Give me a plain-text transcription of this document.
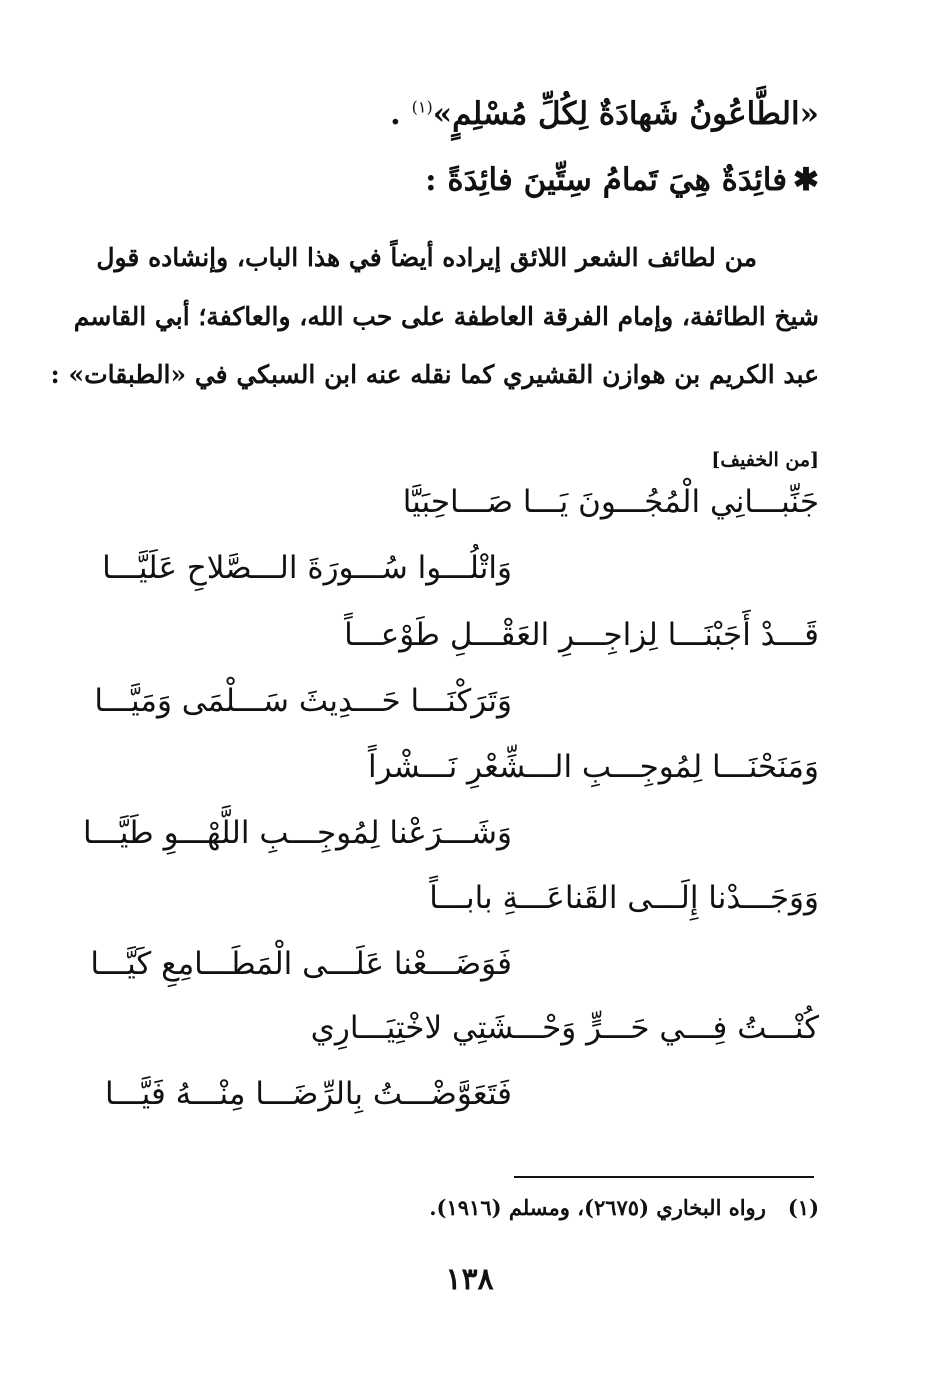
«الطَّاعُونُ شَهادَةٌ لِكُلِّ مُسْلِمٍ»$^{(١)}$ .
✱فائِدَةٌ هِيَ تَمامُ سِتِّينَ فائِدَةً :
من لطائف الشعر اللائق إيراده أيضاً في هذا الباب، وإنشاده قول
شيخ الطائفة، وإمام الفرقة العاطفة على حب الله، والعاكفة؛ أبي القاسم
عبد الكريم بن هوازن القشيري كما نقله عنه ابن السبكي في «الطبقات» :
[من الخفيف]
جَنِّبـــانِي الْمُجُـــونَ يَـــا صَـــاحِبَيَّا
وَاتْلُـــوا سُـــورَةَ الـــصَّلاحِ عَلَيَّـــا
قَـــدْ أَجَبْنَـــا لِزاجِـــرِ العَقْـــلِ طَوْعـــاً
وَتَرَكْنَـــا حَـــدِيثَ سَـــلْمَى وَمَيَّـــا
وَمَنَحْنَـــا لِمُوجِـــبِ الـــشِّعْرِ نَـــشْراً
وَشَـــرَعْنا لِمُوجِـــبِ اللَّهْـــوِ طَيَّـــا
وَوَجَـــدْنا إِلَـــى القَناعَـــةِ بابـــاً
فَوَضَـــعْنا عَلَـــى الْمَطَـــامِعِ كَيَّـــا
كُنْـــتُ فِـــي حَـــرٍّ وَحْـــشَتِي لاخْتِيَـــارِي
فَتَعَوَّضْـــتُ بِالرِّضَـــا مِنْـــهُ فَيَّـــا
(١)رواه البخاري (٢٦٧٥)، ومسلم (١٩١٦).
١٣٨
